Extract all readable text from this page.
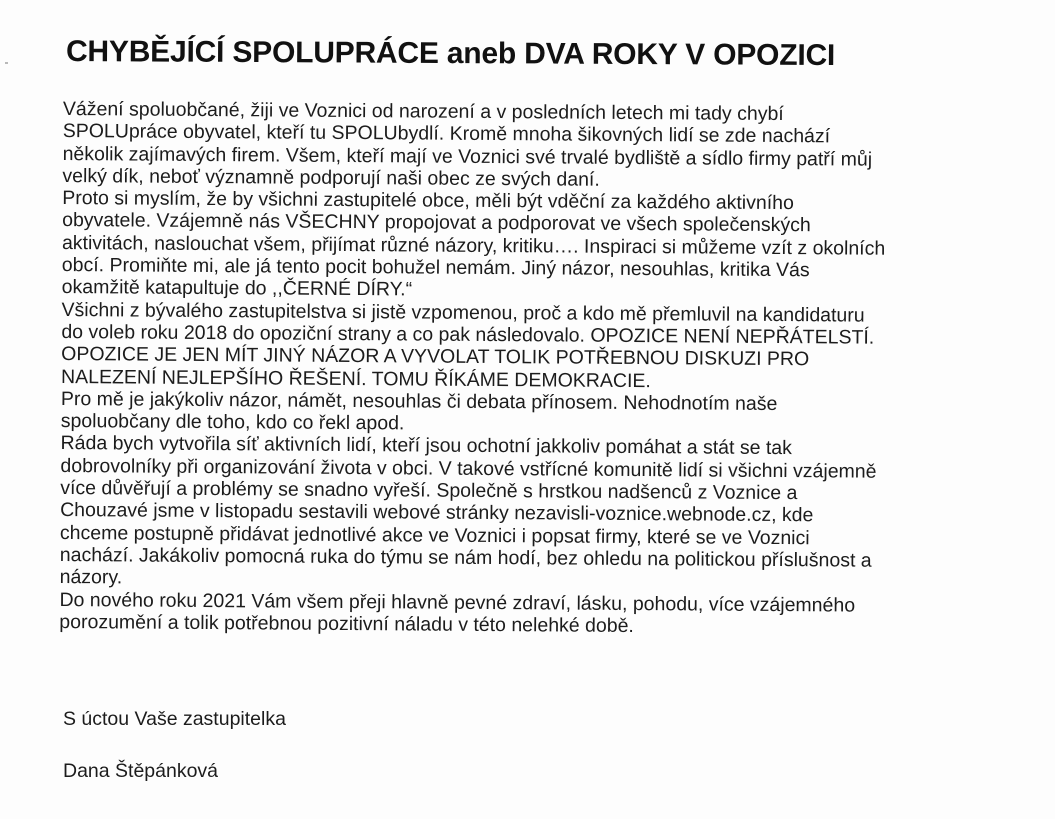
CHYBĚJÍCÍ SPOLUPRÁCE aneb DVA ROKY V OPOZICI
Vážení spoluobčané, žiji ve Voznici od narození a v posledních letech mi tady chybí
SPOLUpráce obyvatel, kteří tu SPOLUbydlí. Kromě mnoha šikovných lidí se zde nachází
několik zajímavých firem. Všem, kteří mají ve Voznici své trvalé bydliště a sídlo firmy patří můj
velký dík, neboť významně podporují naši obec ze svých daní.
Proto si myslím, že by všichni zastupitelé obce, měli být vděční za každého aktivního
obyvatele. Vzájemně nás VŠECHNY propojovat a podporovat ve všech společenských
aktivitách, naslouchat všem, přijímat různé názory, kritiku…. Inspiraci si můžeme vzít z okolních
obcí. Promiňte mi, ale já tento pocit bohužel nemám. Jiný názor, nesouhlas, kritika Vás
okamžitě katapultuje do ,,ČERNÉ DÍRY.“
Všichni z bývalého zastupitelstva si jistě vzpomenou, proč a kdo mě přemluvil na kandidaturu
do voleb roku 2018 do opoziční strany a co pak následovalo. OPOZICE NENÍ NEPŘÁTELSTÍ.
OPOZICE JE JEN MÍT JINÝ NÁZOR A VYVOLAT TOLIK POTŘEBNOU DISKUZI PRO
NALEZENÍ NEJLEPŠÍHO ŘEŠENÍ. TOMU ŘÍKÁME DEMOKRACIE.
Pro mě je jakýkoliv názor, námět, nesouhlas či debata přínosem. Nehodnotím naše
spoluobčany dle toho, kdo co řekl apod.
Ráda bych vytvořila síť aktivních lidí, kteří jsou ochotní jakkoliv pomáhat a stát se tak
dobrovolníky při organizování života v obci. V takové vstřícné komunitě lidí si všichni vzájemně
více důvěřují a problémy se snadno vyřeší. Společně s hrstkou nadšenců z Voznice a
Chouzavé jsme v listopadu sestavili webové stránky nezavisli-voznice.webnode.cz, kde
chceme postupně přidávat jednotlivé akce ve Voznici i popsat firmy, které se ve Voznici
nachází. Jakákoliv pomocná ruka do týmu se nám hodí, bez ohledu na politickou příslušnost a
názory.
Do nového roku 2021 Vám všem přeji hlavně pevné zdraví, lásku, pohodu, více vzájemného
porozumění a tolik potřebnou pozitivní náladu v této nelehké době.
S úctou Vaše zastupitelka
Dana Štěpánková
